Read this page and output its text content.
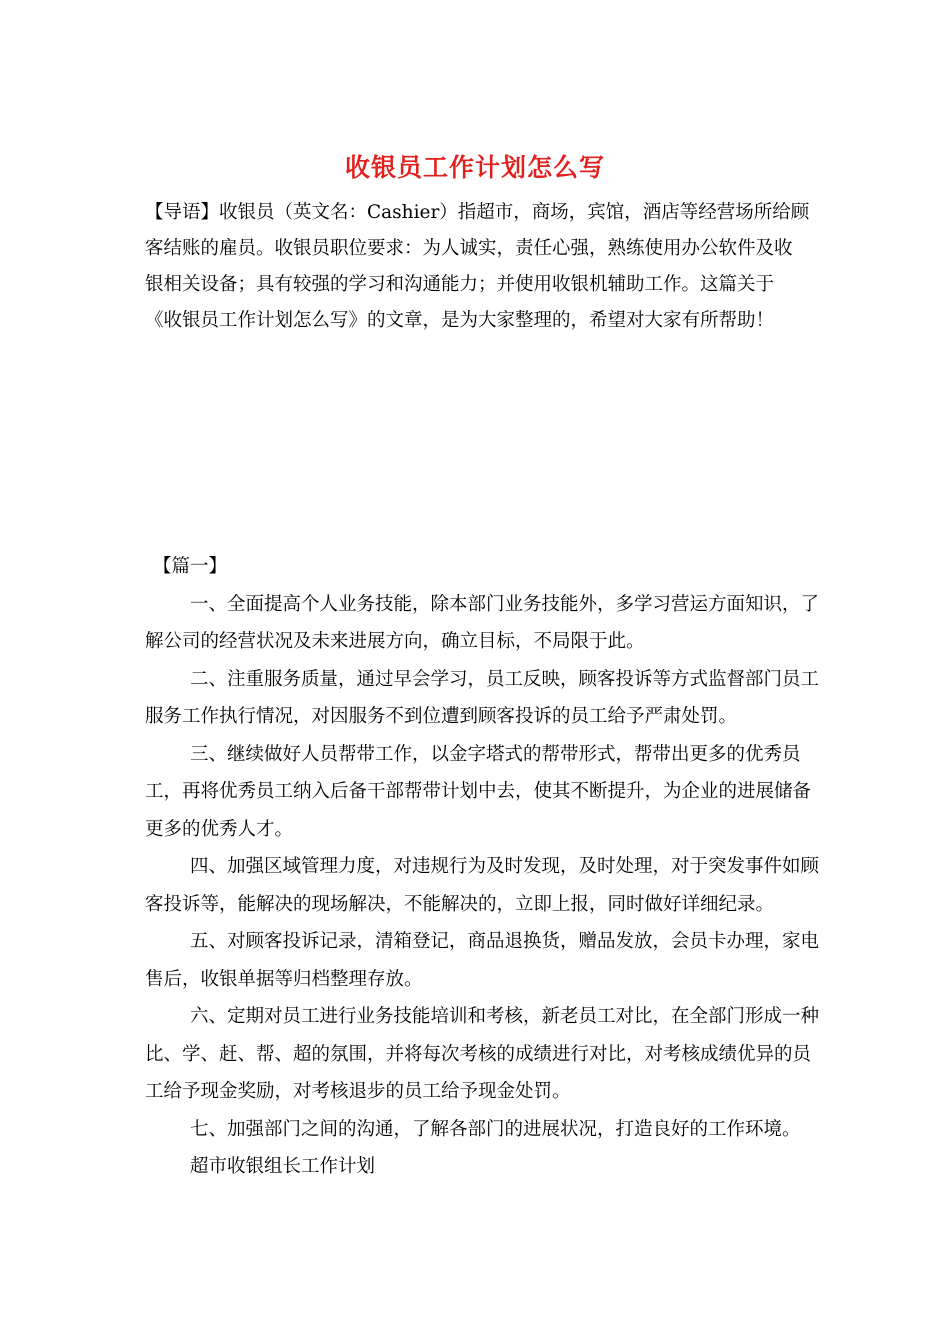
收银员工作计划怎么写

【导语】收银员（英文名：Cashier）指超市，商场，宾馆，酒店等经营场所给顾客结账的雇员。收银员职位要求：为人诚实，责任心强，熟练使用办公软件及收银相关设备；具有较强的学习和沟通能力；并使用收银机辅助工作。这篇关于《收银员工作计划怎么写》的文章，是为大家整理的，希望对大家有所帮助！

【篇一】

一、全面提高个人业务技能，除本部门业务技能外，多学习营运方面知识，了解公司的经营状况及未来进展方向，确立目标，不局限于此。

二、注重服务质量，通过早会学习，员工反映，顾客投诉等方式监督部门员工服务工作执行情况，对因服务不到位遭到顾客投诉的员工给予严肃处罚。

三、继续做好人员帮带工作，以金字塔式的帮带形式，帮带出更多的优秀员工，再将优秀员工纳入后备干部帮带计划中去，使其不断提升，为企业的进展储备更多的优秀人才。

四、加强区域管理力度，对违规行为及时发现，及时处理，对于突发事件如顾客投诉等，能解决的现场解决，不能解决的，立即上报，同时做好详细纪录。

五、对顾客投诉记录，清箱登记，商品退换货，赠品发放，会员卡办理，家电售后，收银单据等归档整理存放。

六、定期对员工进行业务技能培训和考核，新老员工对比，在全部门形成一种比、学、赶、帮、超的氛围，并将每次考核的成绩进行对比，对考核成绩优异的员工给予现金奖励，对考核退步的员工给予现金处罚。

七、加强部门之间的沟通，了解各部门的进展状况，打造良好的工作环境。

超市收银组长工作计划
